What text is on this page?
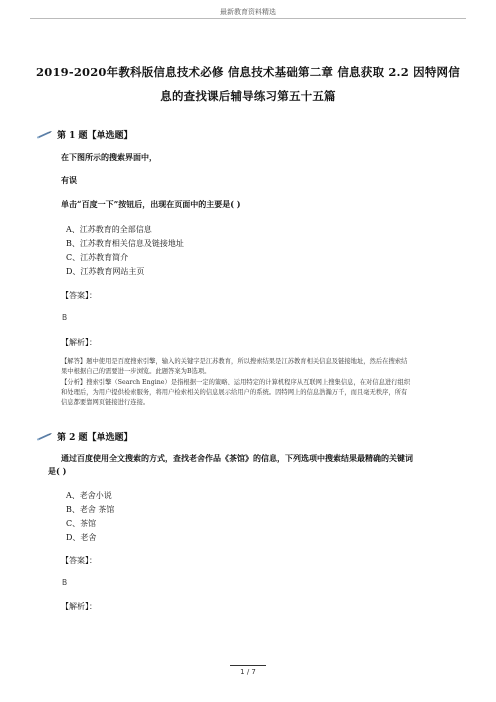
最新教育资料精选
2019-2020年教科版信息技术必修 信息技术基础第二章 信息获取 2.2 因特网信
息的查找课后辅导练习第五十五篇
第 1 题【单选题】
在下图所示的搜索界面中，
有误
单击“百度一下”按钮后，出现在页面中的主要是( )
A、江苏教育的全部信息
B、江苏教育相关信息及链接地址
C、江苏教育简介
D、江苏教育网站主页
【答案】：
B
【解析】：
【解答】题中使用是百度搜索引擎，输入的关键字是江苏教育，所以搜索结果是江苏教育相关信息及链接地址，然后在搜索结
果中根据自己的需要进一步浏览。此题答案为B选项。
【分析】搜索引擎（Search Engine）是指根据一定的策略、运用特定的计算机程序从互联网上搜集信息，在对信息进行组织
和处理后，为用户提供检索服务，将用户检索相关的信息展示给用户的系统。因特网上的信息浩瀚万千，而且毫无秩序，所有
信息都要靠网页链接进行连接。
第 2 题【单选题】
通过百度使用全文搜索的方式，查找老舍作品《茶馆》的信息，下列选项中搜索结果最精确的关键词
是( )
A、老舍小说
B、老舍 茶馆
C、茶馆
D、老舍
【答案】：
B
【解析】：
1 / 7
